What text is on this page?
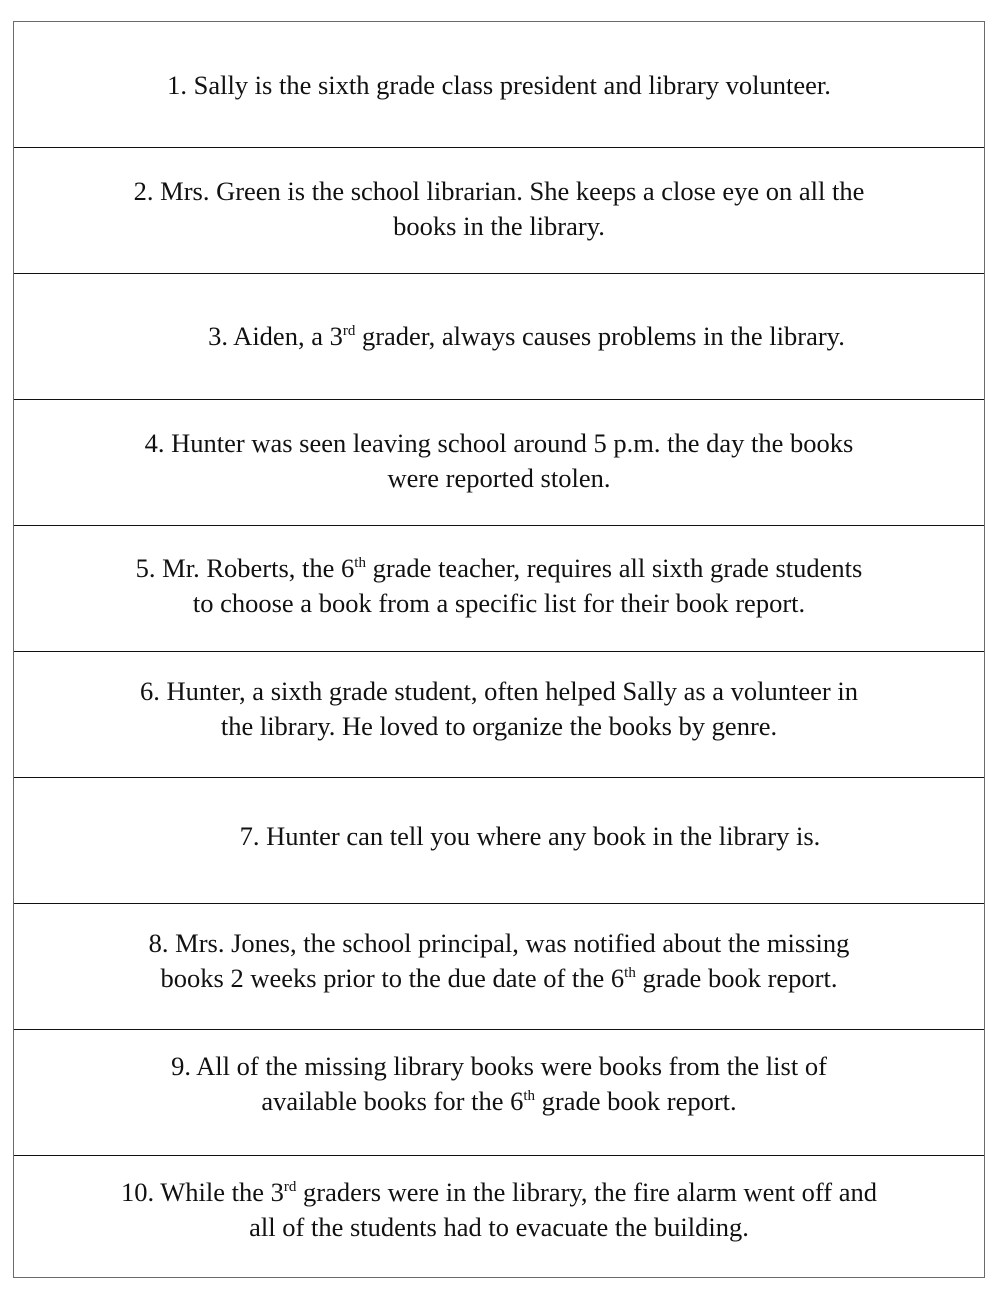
1. Sally is the sixth grade class president and library volunteer.
2. Mrs. Green is the school librarian. She keeps a close eye on all the
books in the library.
3. Aiden, a 3rd grader, always causes problems in the library.
4. Hunter was seen leaving school around 5 p.m. the day the books
were reported stolen.
5. Mr. Roberts, the 6th grade teacher, requires all sixth grade students
to choose a book from a specific list for their book report.
6. Hunter, a sixth grade student, often helped Sally as a volunteer in
the library. He loved to organize the books by genre.
7. Hunter can tell you where any book in the library is.
8. Mrs. Jones, the school principal, was notified about the missing
books 2 weeks prior to the due date of the 6th grade book report.
9. All of the missing library books were books from the list of
available books for the 6th grade book report.
10. While the 3rd graders were in the library, the fire alarm went off and
all of the students had to evacuate the building.
